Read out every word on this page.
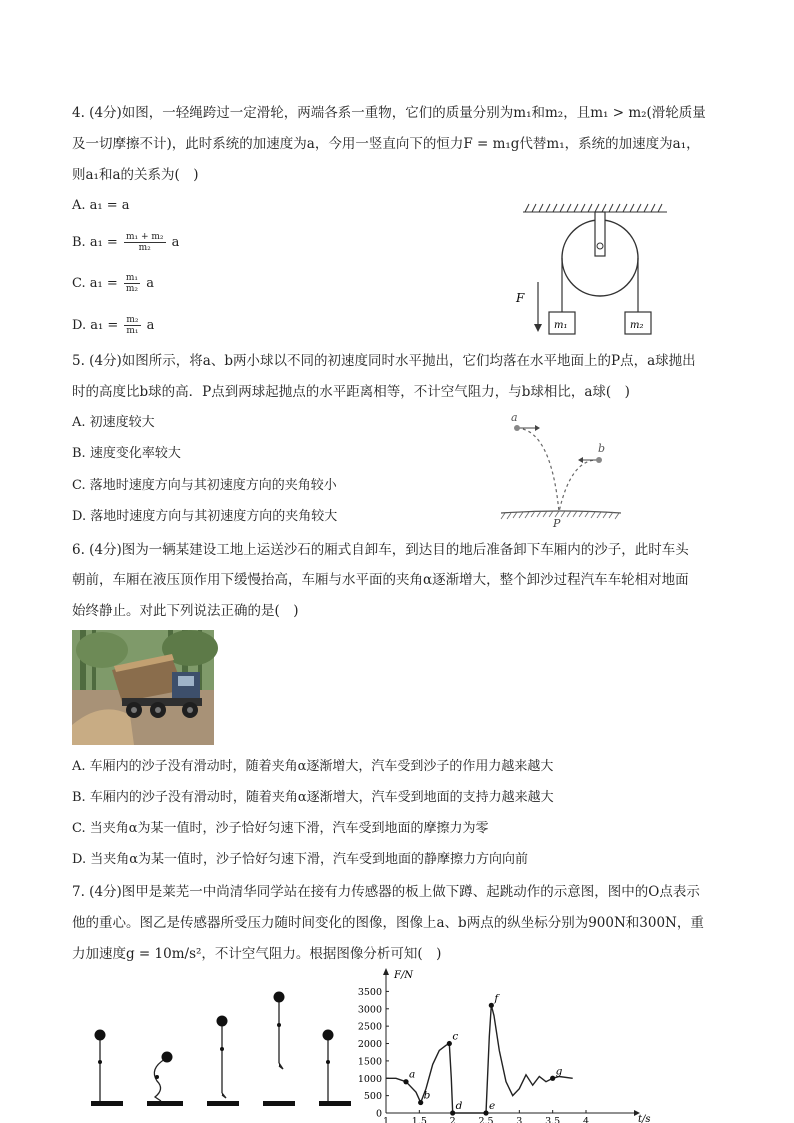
4. (4分)如图，一轻绳跨过一定滑轮，两端各系一重物，它们的质量分别为m₁和m₂，且m₁ > m₂(滑轮质量
及一切摩擦不计)，此时系统的加速度为a，今用一竖直向下的恒力F = m₁g代替m₁，系统的加速度为a₁，
则a₁和a的关系为(　)
A. a₁ = a
B. $a_1 = \frac{\text{m₁ + m₂}}{\text{m₂}}$ a
C. $a_1 = \frac{\text{m₁}}{\text{m₂}}$ a
D. $a_1 = \frac{\text{m₂}}{\text{m₁}}$ a	m₁	m₂
F
5. (4分)如图所示，将a、b两小球以不同的初速度同时水平抛出，它们均落在水平地面上的P点，a球抛出
时的高度比b球的高．P点到两球起抛点的水平距离相等，不计空气阻力，与b球相比，a球(　)
A. 初速度较大
B. 速度变化率较大
C. 落地时速度方向与其初速度方向的夹角较小
D. 落地时速度方向与其初速度方向的夹角较大
a
b
P
6. (4分)图为一辆某建设工地上运送沙石的厢式自卸车，到达目的地后准备卸下车厢内的沙子，此时车头
朝前，车厢在液压顶作用下缓慢抬高，车厢与水平面的夹角α逐渐增大，整个卸沙过程汽车车轮相对地面
始终静止。对此下列说法正确的是(　)
A. 车厢内的沙子没有滑动时，随着夹角α逐渐增大，汽车受到沙子的作用力越来越大
B. 车厢内的沙子没有滑动时，随着夹角α逐渐增大，汽车受到地面的支持力越来越大
C. 当夹角α为某一值时，沙子恰好匀速下滑，汽车受到地面的摩擦力为零
D. 当夹角α为某一值时，沙子恰好匀速下滑，汽车受到地面的静摩擦力方向向前
7. (4分)图甲是莱芜一中尚清华同学站在接有力传感器的板上做下蹲、起跳动作的示意图，图中的O点表示
他的重心。图乙是传感器所受压力随时间变化的图像，图像上a、b两点的纵坐标分别为900N和300N，重
力加速度g = 10m/s²，不计空气阻力。根据图像分析可知(　)
F/N
t/s
0
500
1000
1500
2000
2500
3000
3500
1 1.5 2 2.5 3 3.5 4
a
b
c
d	e
f
g
